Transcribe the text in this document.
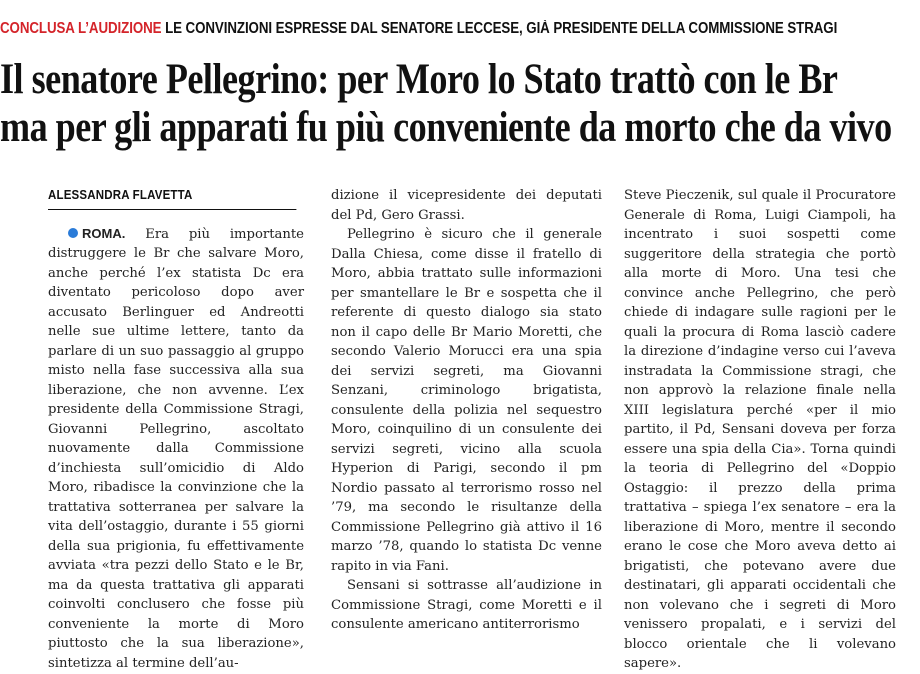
CONCLUSA L’AUDIZIONE LE CONVINZIONI ESPRESSE DAL SENATORE LECCESE, GIÀ PRESIDENTE DELLA COMMISSIONE STRAGI
Il senatore Pellegrino: per Moro lo Stato trattò con le Br
ma per gli apparati fu più conveniente da morto che da vivo
ALESSANDRA FLAVETTA

ROMA. Era più importante distruggere le Br che salvare Moro, anche perché l’ex statista Dc era diventato pericoloso dopo aver accusato Berlinguer ed Andreotti nelle sue ultime lettere, tanto da parlare di un suo passaggio al gruppo misto nella fase successiva alla sua liberazione, che non avvenne. L’ex presidente della Commissione Stragi, Giovanni Pellegrino, ascoltato nuovamente dalla Commissione d’inchiesta sull’omicidio di Aldo Moro, ribadisce la convinzione che la trattativa sotterranea per salvare la vita dell’ostaggio, durante i 55 giorni della sua prigionia, fu effettivamente avviata «tra pezzi dello Stato e le Br, ma da questa trattativa gli apparati coinvolti conclusero che fosse più conveniente la morte di Moro piuttosto che la sua liberazione», sintetizza al termine dell’au-

dizione il vicepresidente dei deputati del Pd, Gero Grassi.

Pellegrino è sicuro che il generale Dalla Chiesa, come disse il fratello di Moro, abbia trattato sulle informazioni per smantellare le Br e sospetta che il referente di questo dialogo sia stato non il capo delle Br Mario Moretti, che secondo Valerio Morucci era una spia dei servizi segreti, ma Giovanni Senzani, criminologo brigatista, consulente della polizia nel sequestro Moro, coinquilino di un consulente dei servizi segreti, vicino alla scuola Hyperion di Parigi, secondo il pm Nordio passato al terrorismo rosso nel ’79, ma secondo le risultanze della Commissione Pellegrino già attivo il 16 marzo ’78, quando lo statista Dc venne rapito in via Fani.

Sensani si sottrasse all’audizione in Commissione Stragi, come Moretti e il consulente americano antiterrorismo

Steve Pieczenik, sul quale il Procuratore Generale di Roma, Luigi Ciampoli, ha incentrato i suoi sospetti come suggeritore della strategia che portò alla morte di Moro. Una tesi che convince anche Pellegrino, che però chiede di indagare sulle ragioni per le quali la procura di Roma lasciò cadere la direzione d’indagine verso cui l’aveva instradata la Commissione stragi, che non approvò la relazione finale nella XIII legislatura perché «per il mio partito, il Pd, Sensani doveva per forza essere una spia della Cia». Torna quindi la teoria di Pellegrino del «Doppio Ostaggio: il prezzo della prima trattativa – spiega l’ex senatore – era la liberazione di Moro, mentre il secondo erano le cose che Moro aveva detto ai brigatisti, che potevano avere due destinatari, gli apparati occidentali che non volevano che i segreti di Moro venissero propalati, e i servizi del blocco orientale che li volevano sapere».
